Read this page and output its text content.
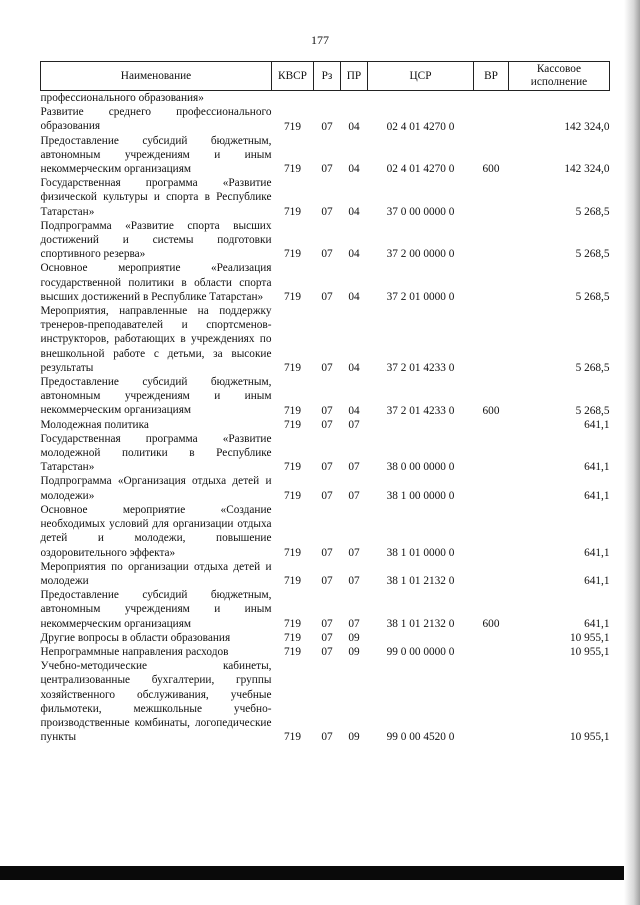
177
Наименование	КВСР	Рз	ПР	ЦСР	ВР	Кассовое исполнение
профессионального образования»						
Развитие среднего профессионального образования	719	07	04	02 4 01 4270 0		142 324,0
Предоставление субсидий бюджетным, автономным учреждениям и иным некоммерческим организациям	719	07	04	02 4 01 4270 0	600	142 324,0
Государственная программа «Развитие физической культуры и спорта в Республике Татарстан»	719	07	04	37 0 00 0000 0		5 268,5
Подпрограмма «Развитие спорта высших достижений и системы подготовки спортивного резерва»	719	07	04	37 2 00 0000 0		5 268,5
Основное мероприятие «Реализация государственной политики в области спорта высших достижений в Республике Татарстан»	719	07	04	37 2 01 0000 0		5 268,5
Мероприятия, направленные на поддержку тренеров-преподавателей и спортсменов-инструкторов, работающих в учреждениях по внешкольной работе с детьми, за высокие результаты	719	07	04	37 2 01 4233 0		5 268,5
Предоставление субсидий бюджетным, автономным учреждениям и иным некоммерческим организациям	719	07	04	37 2 01 4233 0	600	5 268,5
Молодежная политика	719	07	07			641,1
Государственная программа «Развитие молодежной политики в Республике Татарстан»	719	07	07	38 0 00 0000 0		641,1
Подпрограмма «Организация отдыха детей и молодежи»	719	07	07	38 1 00 0000 0		641,1
Основное мероприятие «Создание необходимых условий для организации отдыха детей и молодежи, повышение оздоровительного эффекта»	719	07	07	38 1 01 0000 0		641,1
Мероприятия по организации отдыха детей и молодежи	719	07	07	38 1 01 2132 0		641,1
Предоставление субсидий бюджетным, автономным учреждениям и иным некоммерческим организациям	719	07	07	38 1 01 2132 0	600	641,1
Другие вопросы в области образования	719	07	09			10 955,1
Непрограммные направления расходов	719	07	09	99 0 00 0000 0		10 955,1
Учебно-методические кабинеты, централизованные бухгалтерии, группы хозяйственного обслуживания, учебные фильмотеки, межшкольные учебно-производственные комбинаты, логопедические пункты	719	07	09	99 0 00 4520 0		10 955,1
